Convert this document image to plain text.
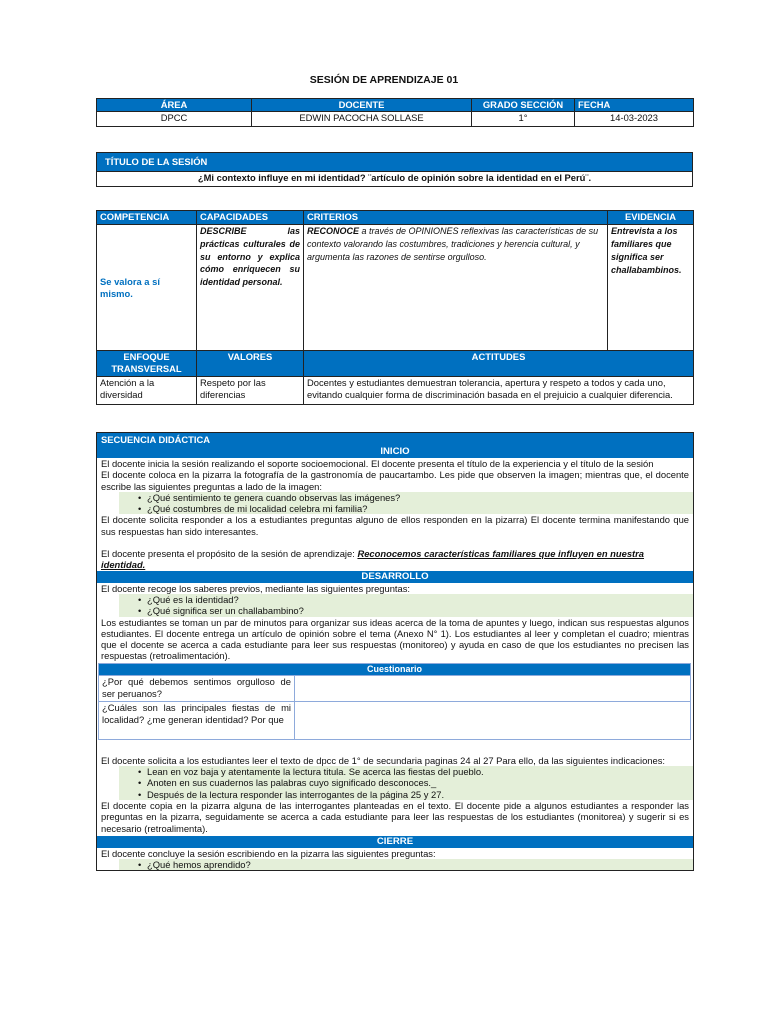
SESIÓN DE APRENDIZAJE 01
ÁREA	DOCENTE	GRADO SECCIÓN	FECHA
DPCC	EDWIN PACOCHA SOLLASE	1°	14-03-2023
TÍTULO DE LA SESIÓN
¿Mi contexto influye en mi identidad? ¨artículo de opinión sobre la identidad en el Perú¨.
COMPETENCIA	CAPACIDADES	CRITERIOS	EVIDENCIA
Se valora a sí mismo.	DESCRIBE las prácticas culturales de su entorno y explica cómo enriquecen su identidad personal.	RECONOCE a través de OPINIONES reflexivas las características de su contexto valorando las costumbres, tradiciones y herencia cultural, y argumenta las razones de sentirse orgulloso.	Entrevista a los familiares que significa ser challabambinos.
ENFOQUE TRANSVERSAL	VALORES	ACTITUDES	
Atención a la diversidad	Respeto por las diferencias	Docentes y estudiantes demuestran tolerancia, apertura y respeto a todos y cada uno, evitando cualquier forma de discriminación basada en el prejuicio a cualquier diferencia.	
SECUENCIA DIDÁCTICA
INICIO
El docente inicia la sesión realizando el soporte socioemocional. El docente presenta el título de la experiencia y el título de la sesión
El docente coloca en la pizarra la fotografía de la gastronomía de paucartambo. Les pide que observen la imagen; mientras que, el docente escribe las siguientes preguntas a lado de la imagen:
• ¿Qué sentimiento te genera cuando observas las imágenes?
• ¿Qué costumbres de mi localidad celebra mi familia?
El docente solicita responder a los a estudiantes preguntas alguno de ellos responden en la pizarra) El docente termina manifestando que sus respuestas han sido interesantes.
El docente presenta el propósito de la sesión de aprendizaje: Reconocemos características familiares que influyen en nuestra identidad.
DESARROLLO
El docente recoge los saberes previos, mediante las siguientes preguntas:
• ¿Qué es la identidad?
• ¿Qué significa ser un challabambino?
Los estudiantes se toman un par de minutos para organizar sus ideas acerca de la toma de apuntes y luego, indican sus respuestas algunos estudiantes. El docente entrega un artículo de opinión sobre el tema (Anexo N° 1). Los estudiantes al leer y completan el cuadro; mientras que el docente se acerca a cada estudiante para leer sus respuestas (monitoreo) y ayuda en caso de que los estudiantes no precisen las respuestas (retroalimentación).
Cuestionario	
¿Por qué debemos sentimos orgulloso de ser peruanos?	
¿Cuáles son las principales fiestas de mi localidad? ¿me generan identidad? Por que	
El docente solicita a los estudiantes leer el texto de dpcc de 1° de secundaria paginas 24 al 27 Para ello, da las siguientes indicaciones:
• Lean en voz baja y atentamente la lectura titula. Se acerca las fiestas del pueblo.
• Anoten en sus cuadernos las palabras cuyo significado desconoces._
• Después de la lectura responder las interrogantes de la página 25 y 27.
El docente copia en la pizarra alguna de las interrogantes planteadas en el texto. El docente pide a algunos estudiantes a responder las preguntas en la pizarra, seguidamente se acerca a cada estudiante para leer las respuestas de los estudiantes (monitorea) y sugerir si es necesario (retroalimenta).
CIERRE
El docente concluye la sesión escribiendo en la pizarra las siguientes preguntas:
• ¿Qué hemos aprendido?
